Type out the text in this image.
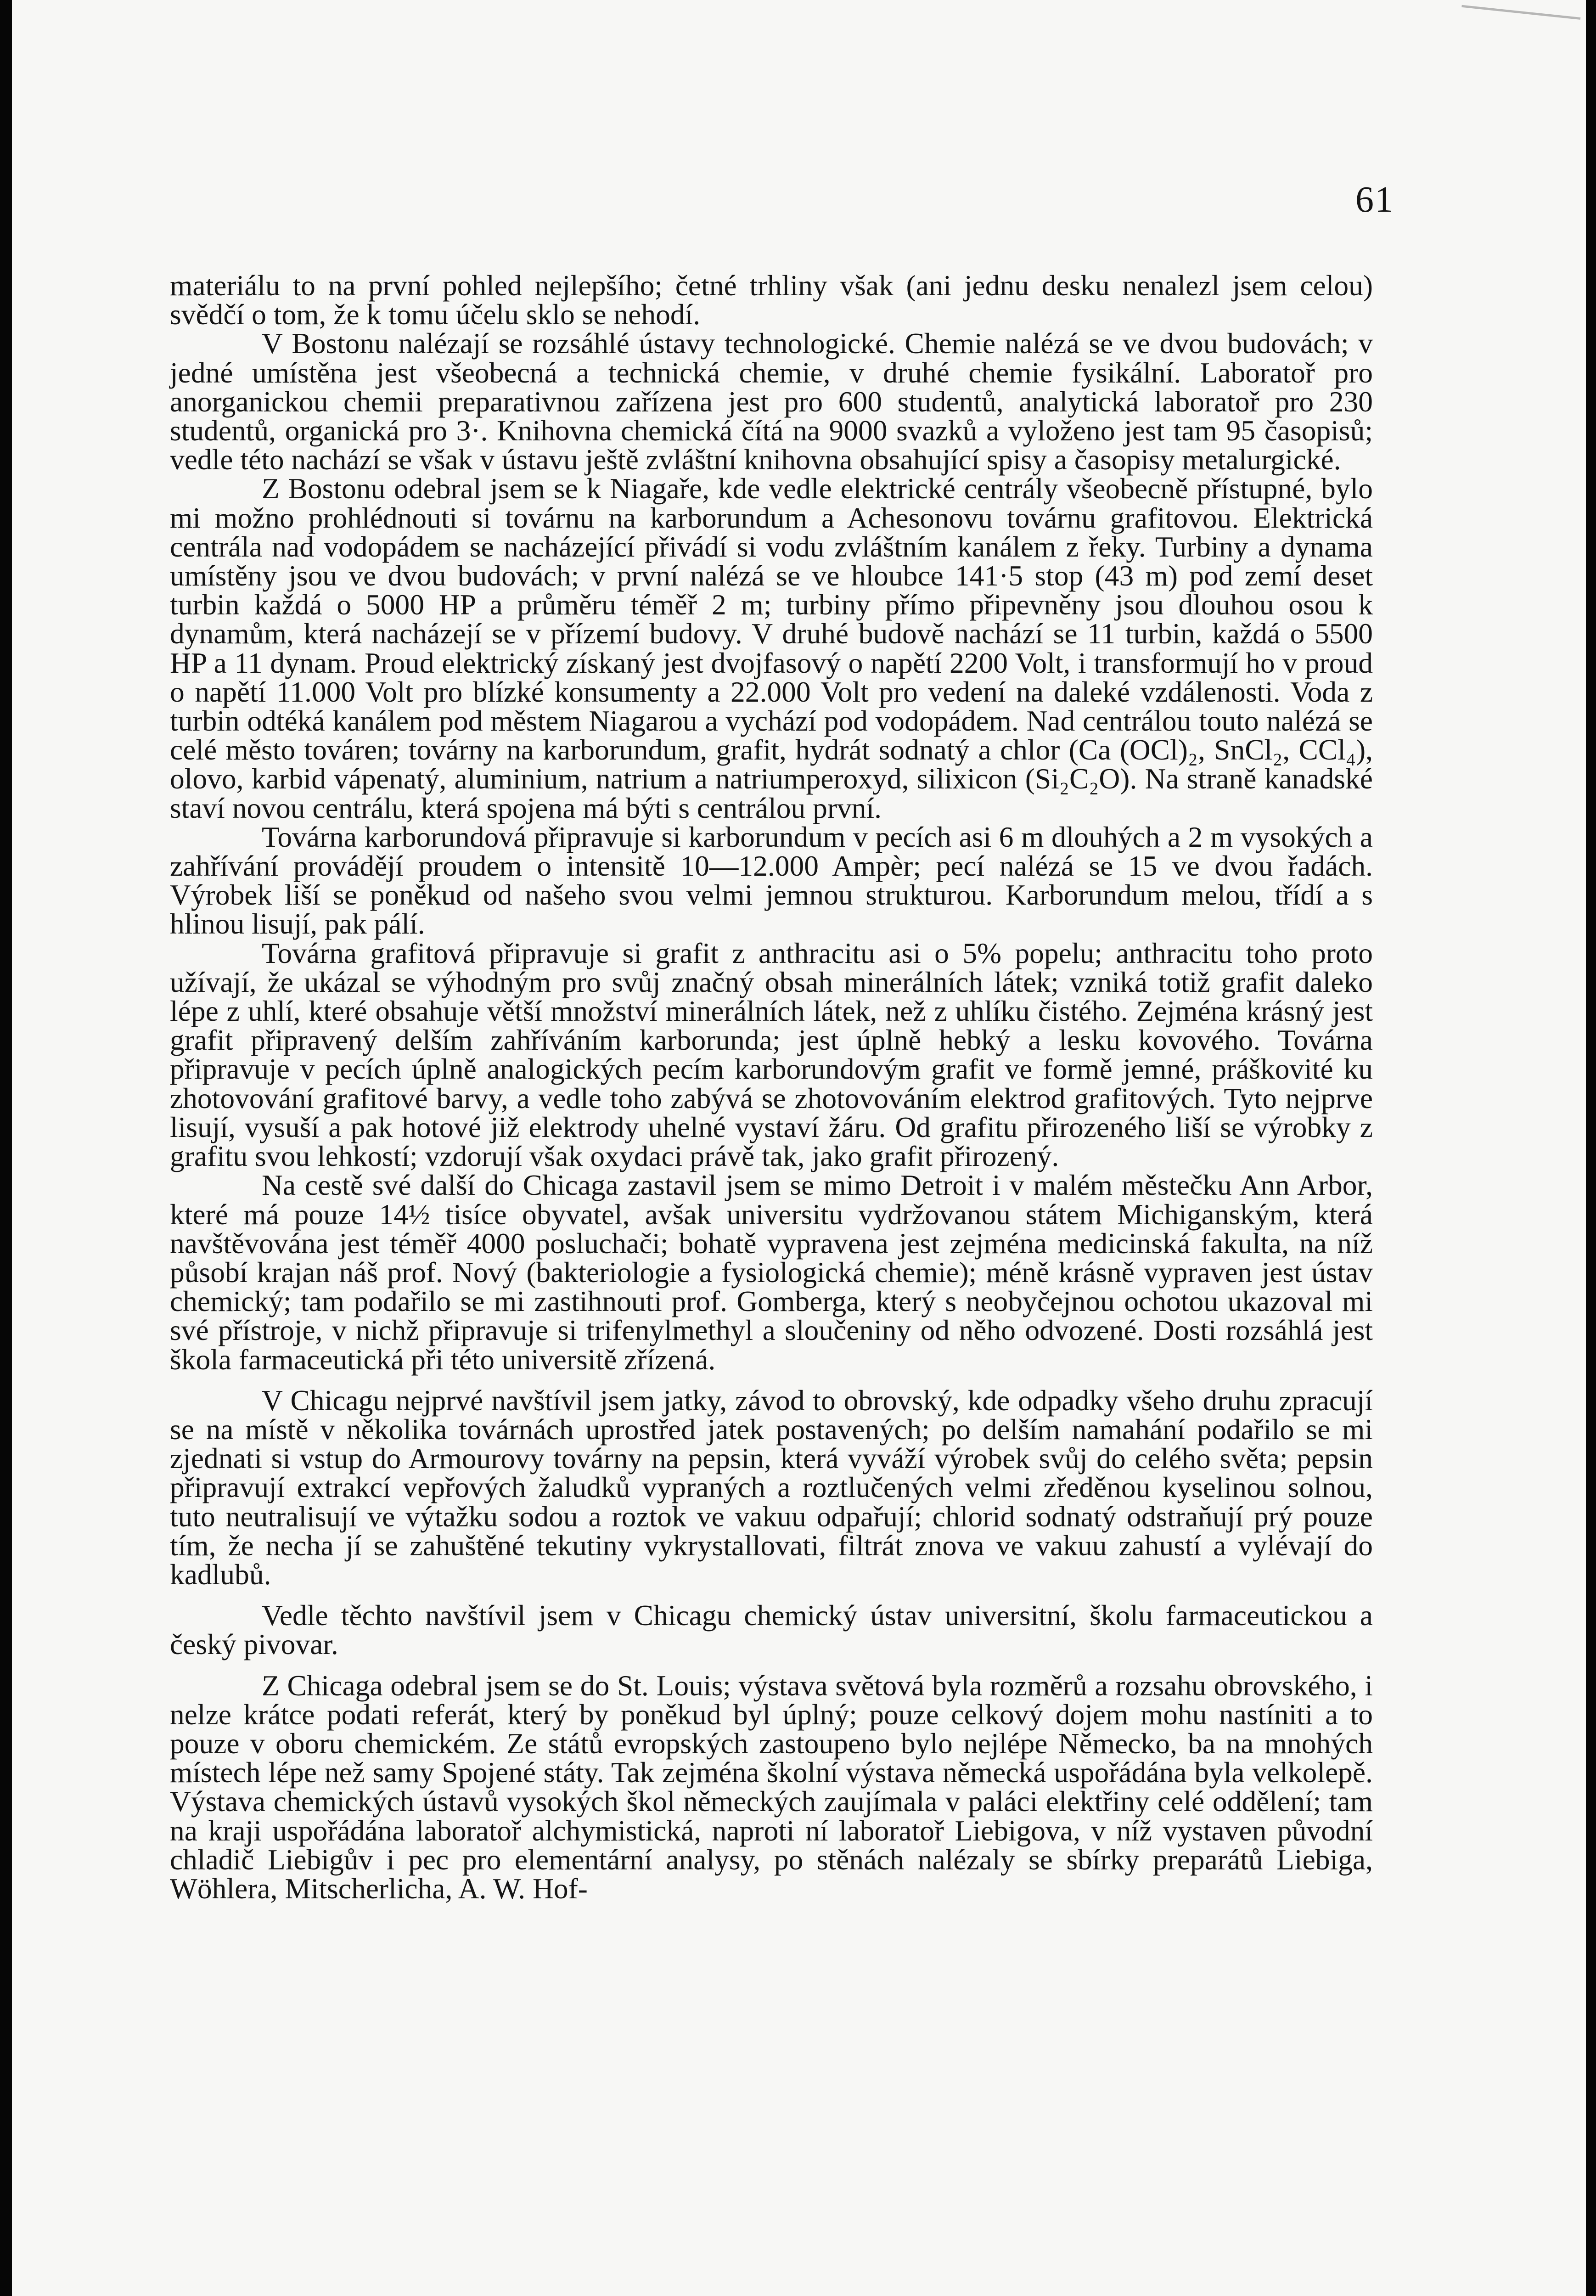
61

materiálu to na první pohled nejlepšího; četné trhliny však (ani jednu desku nenalezl jsem celou) svědčí o tom, že k tomu účelu sklo se nehodí.

V Bostonu nalézají se rozsáhlé ústavy technologické. Chemie nalézá se ve dvou budovách; v jedné umístěna jest všeobecná a technická chemie, v druhé chemie fysikální. Laboratoř pro anorganickou chemii preparativnou zařízena jest pro 600 studentů, analytická laboratoř pro 230 studentů, organická pro 3·. Knihovna chemická čítá na 9000 svazků a vyloženo jest tam 95 časopisů; vedle této nachází se však v ústavu ještě zvláštní knihovna obsahující spisy a časopisy metalurgické.

Z Bostonu odebral jsem se k Niagaře, kde vedle elektrické centrály všeobecně přístupné, bylo mi možno prohlédnouti si továrnu na karborundum a Achesonovu továrnu grafitovou. Elektrická centrála nad vodopádem se nacházející přivádí si vodu zvláštním kanálem z řeky. Turbiny a dynama umístěny jsou ve dvou budovách; v první nalézá se ve hloubce 141·5 stop (43 m) pod zemí deset turbin každá o 5000 HP a průměru téměř 2 m; turbiny přímo připevněny jsou dlouhou osou k dynamům, která nacházejí se v přízemí budovy. V druhé budově nachází se 11 turbin, každá o 5500 HP a 11 dynam. Proud elektrický získaný jest dvojfasový o napětí 2200 Volt, i transformují ho v proud o napětí 11.000 Volt pro blízké konsumenty a 22.000 Volt pro vedení na daleké vzdálenosti. Voda z turbin odtéká kanálem pod městem Niagarou a vychází pod vodopádem. Nad centrálou touto nalézá se celé město továren; továrny na karborundum, grafit, hydrát sodnatý a chlor (Ca (OCl)₂, SnCl₂, CCl₄), olovo, karbid vápenatý, aluminium, natrium a natriumperoxyd, silixicon (Si₂C₂O). Na straně kanadské staví novou centrálu, která spojena má býti s centrálou první.

Továrna karborundová připravuje si karborundum v pecích asi 6 m dlouhých a 2 m vysokých a zahřívání provádějí proudem o intensitě 10—12.000 Ampèr; pecí nalézá se 15 ve dvou řadách. Výrobek liší se poněkud od našeho svou velmi jemnou strukturou. Karborundum melou, třídí a s hlinou lisují, pak pálí.

Továrna grafitová připravuje si grafit z anthracitu asi o 5% popelu; anthracitu toho proto užívají, že ukázal se výhodným pro svůj značný obsah minerálních látek; vzniká totiž grafit daleko lépe z uhlí, které obsahuje větší množství minerálních látek, než z uhlíku čistého. Zejména krásný jest grafit připravený delším zahříváním karborunda; jest úplně hebký a lesku kovového. Továrna připravuje v pecích úplně analogických pecím karborundovým grafit ve formě jemné, práškovité ku zhotovování grafitové barvy, a vedle toho zabývá se zhotovováním elektrod grafitových. Tyto nejprve lisují, vysuší a pak hotové již elektrody uhelné vystaví žáru. Od grafitu přirozeného liší se výrobky z grafitu svou lehkostí; vzdorují však oxydaci právě tak, jako grafit přirozený.

Na cestě své další do Chicaga zastavil jsem se mimo Detroit i v malém městečku Ann Arbor, které má pouze 14½ tisíce obyvatel, avšak universitu vydržovanou státem Michiganským, která navštěvována jest téměř 4000 posluchači; bohatě vypravena jest zejména medicinská fakulta, na níž působí krajan náš prof. Nový (bakteriologie a fysiologická chemie); méně krásně vypraven jest ústav chemický; tam podařilo se mi zastihnouti prof. Gomberga, který s neobyčejnou ochotou ukazoval mi své přístroje, v nichž připravuje si trifenylmethyl a sloučeniny od něho odvozené. Dosti rozsáhlá jest škola farmaceutická při této universitě zřízená.

V Chicagu nejprvé navštívil jsem jatky, závod to obrovský, kde odpadky všeho druhu zpracují se na místě v několika továrnách uprostřed jatek postavených; po delším namahání podařilo se mi zjednati si vstup do Armourovy továrny na pepsin, která vyváží výrobek svůj do celého světa; pepsin připravují extrakcí vepřových žaludků vypraných a roztlučených velmi zředěnou kyselinou solnou, tuto neutralisují ve výtažku sodou a roztok ve vakuu odpařují; chlorid sodnatý odstraňují prý pouze tím, že necha jí se zahuštěné tekutiny vykrystallovati, filtrát znova ve vakuu zahustí a vylévají do kadlubů.

Vedle těchto navštívil jsem v Chicagu chemický ústav universitní, školu farmaceutickou a český pivovar.

Z Chicaga odebral jsem se do St. Louis; výstava světová byla rozměrů a rozsahu obrovského, i nelze krátce podati referát, který by poněkud byl úplný; pouze celkový dojem mohu nastíniti a to pouze v oboru chemickém. Ze států evropských zastoupeno bylo nejlépe Německo, ba na mnohých místech lépe než samy Spojené státy. Tak zejména školní výstava německá uspořádána byla velkolepě. Výstava chemických ústavů vysokých škol německých zaujímala v paláci elektřiny celé oddělení; tam na kraji uspořádána laboratoř alchymistická, naproti ní laboratoř Liebigova, v níž vystaven původní chladič Liebigův i pec pro elementární analysy, po stěnách nalézaly se sbírky preparátů Liebiga, Wöhlera, Mitscherlicha, A. W. Hof-
